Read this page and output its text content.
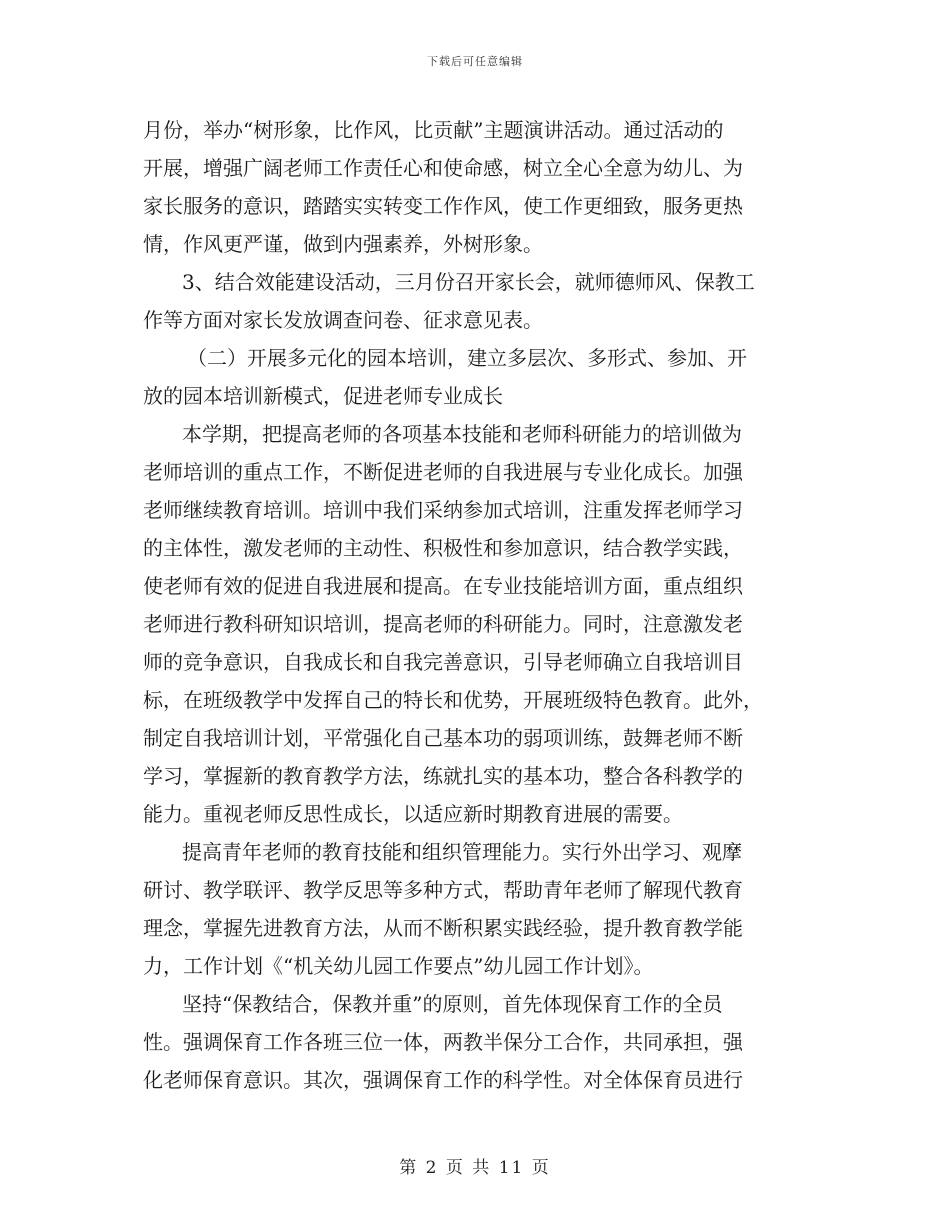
下载后可任意编辑
月份，举办“树形象，比作风，比贡献”主题演讲活动。通过活动的
开展，增强广阔老师工作责任心和使命感，树立全心全意为幼儿、为
家长服务的意识，踏踏实实转变工作作风，使工作更细致，服务更热
情，作风更严谨，做到内强素养，外树形象。
3、结合效能建设活动，三月份召开家长会，就师德师风、保教工
作等方面对家长发放调查问卷、征求意见表。
（二）开展多元化的园本培训，建立多层次、多形式、参加、开
放的园本培训新模式，促进老师专业成长
本学期，把提高老师的各项基本技能和老师科研能力的培训做为
老师培训的重点工作，不断促进老师的自我进展与专业化成长。加强
老师继续教育培训。培训中我们采纳参加式培训，注重发挥老师学习
的主体性，激发老师的主动性、积极性和参加意识，结合教学实践，
使老师有效的促进自我进展和提高。在专业技能培训方面，重点组织
老师进行教科研知识培训，提高老师的科研能力。同时，注意激发老
师的竞争意识，自我成长和自我完善意识，引导老师确立自我培训目
标，在班级教学中发挥自己的特长和优势，开展班级特色教育。此外，
制定自我培训计划，平常强化自己基本功的弱项训练，鼓舞老师不断
学习，掌握新的教育教学方法，练就扎实的基本功，整合各科教学的
能力。重视老师反思性成长，以适应新时期教育进展的需要。
提高青年老师的教育技能和组织管理能力。实行外出学习、观摩
研讨、教学联评、教学反思等多种方式，帮助青年老师了解现代教育
理念，掌握先进教育方法，从而不断积累实践经验，提升教育教学能
力，工作计划《“机关幼儿园工作要点”幼儿园工作计划》。
坚持“保教结合，保教并重”的原则，首先体现保育工作的全员
性。强调保育工作各班三位一体，两教半保分工合作，共同承担，强
化老师保育意识。其次，强调保育工作的科学性。对全体保育员进行
第 2 页 共 11 页
